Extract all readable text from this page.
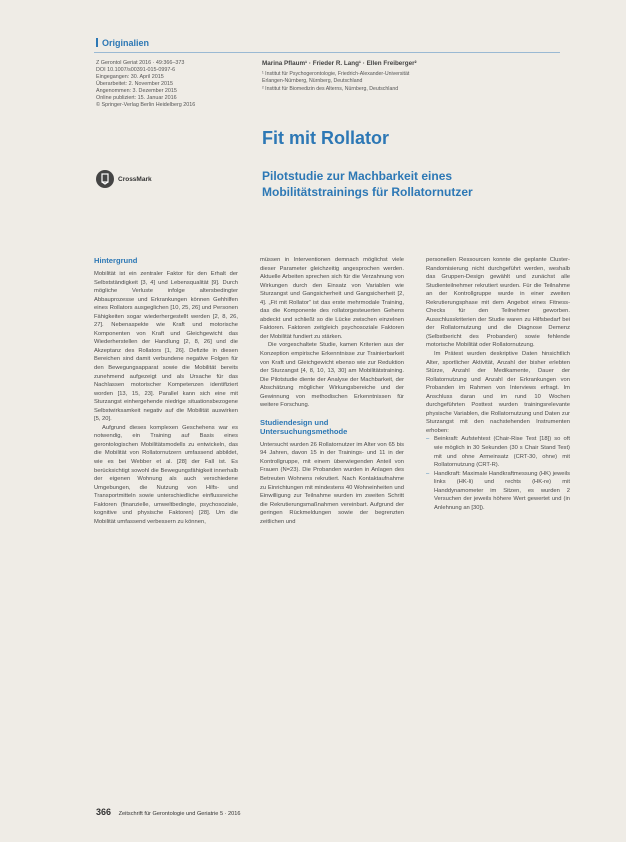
Originalien
Z Gerontol Geriat 2016 · 49:366–373
DOI 10.1007/s00391-015-0997-6
Eingegangen: 30. April 2015
Überarbeitet: 2. November 2015
Angenommen: 3. Dezember 2015
Online publiziert: 15. Januar 2016
© Springer-Verlag Berlin Heidelberg 2016
CrossMark
Marina Pflaum¹ · Frieder R. Lang¹ · Ellen Freiberger²
¹ Institut für Psychogerontologie, Friedrich-Alexander-Universität
Erlangen-Nürnberg, Nürnberg, Deutschland
² Institut für Biomedizin des Alterns, Nürnberg, Deutschland
Fit mit Rollator
Pilotstudie zur Machbarkeit eines Mobilitätstrainings für Rollatornutzer
Hintergrund

Mobilität ist ein zentraler Faktor für den Erhalt der Selbstständigkeit [3, 4] und Lebensqualität [9]. Durch mögliche Verluste infolge altersbedingter Abbauprozesse und Erkrankungen können Gehhilfen eines Rollators ausgeglichen [10, 25, 26] und Personen Fähigkeiten sogar wiederhergestellt werden [2, 8, 26, 27]. Nebenaspekte wie Kraft und motorische Komponenten von Kraft und Gleichgewicht das Wiederherstellen der Handlung [2, 8, 26] und die Akzeptanz des Rollators [1, 26]. Defizite in diesen Bereichen sind damit verbundene negative Folgen für den Bewegungsapparat sowie die Mobilität bereits zunehmend aufgezeigt und als Ursache für das Nachlassen motorischer Kompetenzen identifiziert worden [13, 15, 23]. Parallel kann sich eine mit Sturzangst einhergehende niedrige situationsbezogene Selbstwirksamkeit negativ auf die Mobilität auswirken [5, 20].

Aufgrund dieses komplexen Geschehens war es notwendig, ein Training auf Basis eines gerontologischen Mobilitätsmodells zu entwickeln, das die Mobilität von Rollatornutzern umfassend abbildet, wie es bei Webber et al. [28] der Fall ist. Es berücksichtigt sowohl die Bewegungsfähigkeit innerhalb der eigenen Wohnung als auch verschiedene Umgebungen, die Nutzung von Hilfs- und Transportmitteln sowie unterschiedliche einflussreiche Faktoren (finanzielle, umweltbedingte, psychosoziale, kognitive und physische Faktoren) [28]. Um die Mobilität umfassend verbessern zu können,

müssen in Interventionen demnach möglichst viele dieser Parameter gleichzeitig angesprochen werden. Aktuelle Arbeiten sprechen sich für die Verzahnung von Wirkungen durch den Einsatz von Variablen wie Sturzangst und Gangsicherheit und Gangsicherheit [2, 4]. „Fit mit Rollator“ ist das erste mehrmodale Training, das die Komponente des rollatorgesteuerten Gehens abdeckt und schließt so die Lücke zwischen einzelnen Faktoren. Faktoren zeitgleich psychosoziale Faktoren der Mobilität fundiert zu stärken.

Die vorgeschaltete Studie, kamen Kriterien aus der Konzeption empirische Erkenntnisse zur Trainierbarkeit von Kraft und Gleichgewicht ebenso wie zur Reduktion der Sturzangst [4, 8, 10, 13, 30] am Mobilitätstraining. Die Pilotstudie diente der Analyse der Machbarkeit, der Abschätzung möglicher Wirkungsbereiche und der Gewinnung von methodischen Erkenntnissen für weitere Forschung.

Studiendesign und Untersuchungsmethode

Untersucht wurden 26 Rollatornutzer im Alter von 65 bis 94 Jahren, davon 15 in der Trainings- und 11 in der Kontrollgruppe, mit einem überwiegenden Anteil von Frauen (N=23). Die Probanden wurden in Anlagen des Betreuten Wohnens rekrutiert. Nach Kontaktaufnahme zu Einrichtungen mit mindestens 40 Wohneinheiten und Einwilligung zur Teilnahme wurden im zweiten Schritt die Rekrutierungsmaßnahmen vereinbart. Aufgrund der geringen Rückmeldungen sowie der begrenzten zeitlichen und

personellen Ressourcen konnte die geplante Cluster-Randomisierung nicht durchgeführt werden, weshalb das Gruppen-Design gewählt und zunächst alle Studienteilnehmer rekrutiert wurden. Für die Teilnahme an der Kontrollgruppe wurde in einer zweiten Rekrutierungsphase mit dem Angebot eines Fitness-Checks für den Teilnehmer geworben. Ausschlusskriterien der Studie waren zu Hilfsbedarf bei der Rollatornutzung und die Diagnose Demenz (Selbstbericht des Probanden) sowie fehlende motorische Mobilität oder Rollatornutzung.

Im Prätest wurden deskriptive Daten hinsichtlich Alter, sportlicher Aktivität, Anzahl der bisher erlebten Stürze, Anzahl der Medikamente, Dauer der Rollatornutzung und Anzahl der Erkrankungen von Probanden im Rahmen von Interviews erfragt. Im Anschluss daran und im rund 10 Wochen durchgeführten Posttest wurden trainingsrelevante physische Variablen, die Rollatornutzung und Daten zur Sturzangst mit den nachstehenden Instrumenten erhoben:

– Beinkraft: Aufstehtest (Chair-Rise Test [18]) so oft wie möglich in 30 Sekunden (30 s Chair Stand Test) mit und ohne Armeinsatz (CRT-30, ohne) mit Rollatornutzung (CRT-R).
– Handkraft: Maximale Handkraftmessung (HK) jeweils links (HK-li) und rechts (HK-re) mit Handdynamometer im Sitzen, es wurden 2 Versuchen der jeweils höhere Wert gewertet und (in Anlehnung an [30]).
366 Zeitschrift für Gerontologie und Geriatrie 5 · 2016
